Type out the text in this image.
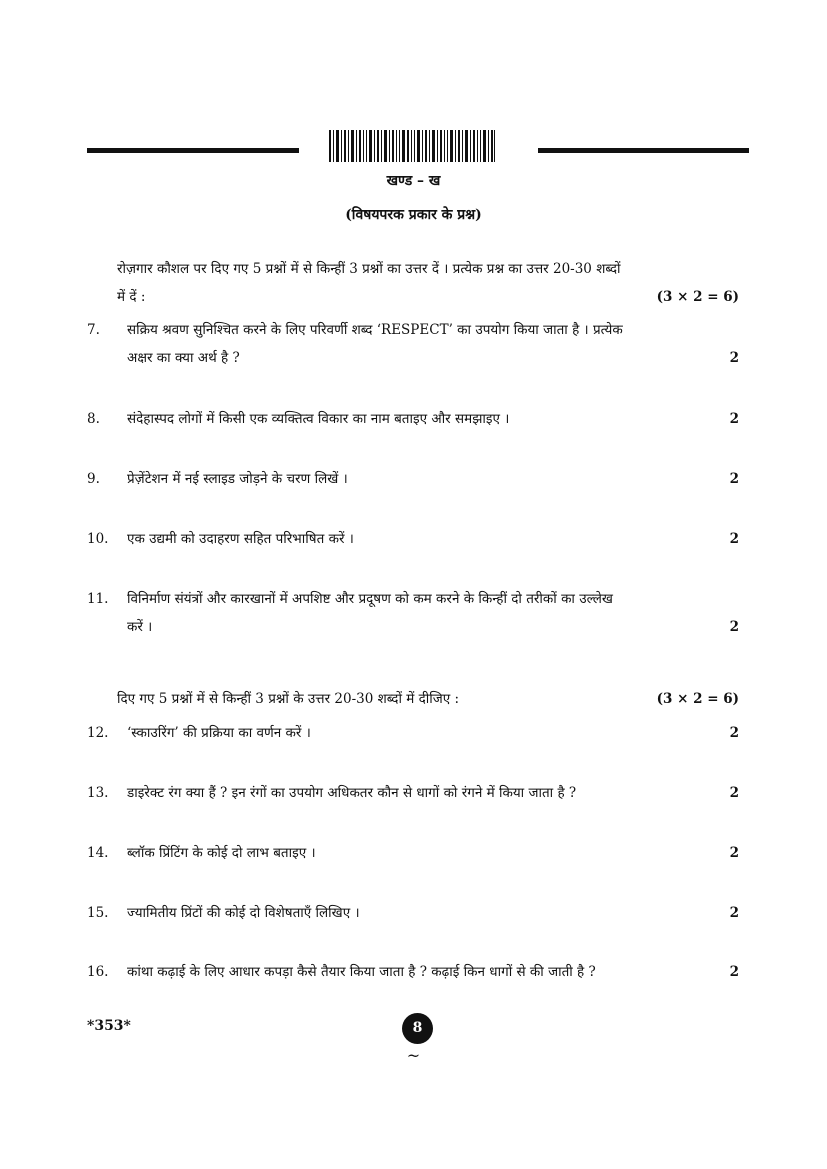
खण्ड – ख
(विषयपरक प्रकार के प्रश्न)
रोज़गार कौशल पर दिए गए 5 प्रश्नों में से किन्हीं 3 प्रश्नों का उत्तर दें । प्रत्येक प्रश्न का उत्तर 20-30 शब्दों
में दें :	(3 × 2 = 6)
7.	सक्रिय श्रवण सुनिश्चित करने के लिए परिवर्णी शब्द ‘RESPECT’ का उपयोग किया जाता है । प्रत्येक
अक्षर का क्या अर्थ है ?	2
8.	संदेहास्पद लोगों में किसी एक व्यक्तित्व विकार का नाम बताइए और समझाइए ।	2
9.	प्रेज़ेंटेशन में नई स्लाइड जोड़ने के चरण लिखें ।	2
10.	एक उद्यमी को उदाहरण सहित परिभाषित करें ।	2
11.	विनिर्माण संयंत्रों और कारखानों में अपशिष्ट और प्रदूषण को कम करने के किन्हीं दो तरीकों का उल्लेख
करें ।	2
दिए गए 5 प्रश्नों में से किन्हीं 3 प्रश्नों के उत्तर 20-30 शब्दों में दीजिए :	(3 × 2 = 6)
12.	‘स्काउरिंग’ की प्रक्रिया का वर्णन करें ।	2
13.	डाइरेक्ट रंग क्या हैं ? इन रंगों का उपयोग अधिकतर कौन से धागों को रंगने में किया जाता है ?	2
14.	ब्लॉक प्रिंटिंग के कोई दो लाभ बताइए ।	2
15.	ज्यामितीय प्रिंटों की कोई दो विशेषताएँ लिखिए ।	2
16.	कांथा कढ़ाई के लिए आधार कपड़ा कैसे तैयार किया जाता है ? कढ़ाई किन धागों से की जाती है ?	2
*353*	8
~
